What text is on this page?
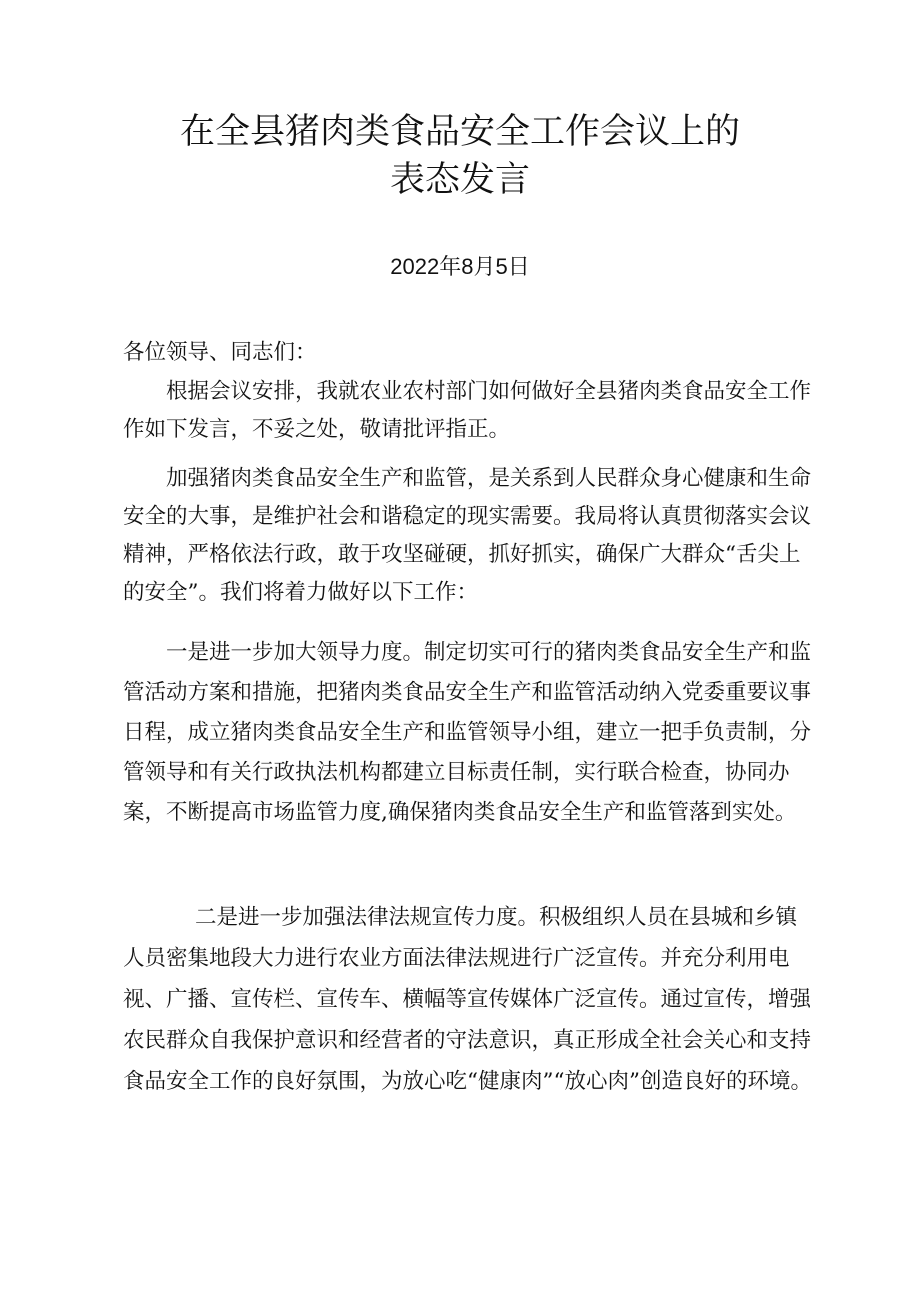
在全县猪肉类食品安全工作会议上的
表态发言
2022年8月5日

各位领导、同志们：

根据会议安排，我就农业农村部门如何做好全县猪肉类食品安全工作作如下发言，不妥之处，敬请批评指正。

加强猪肉类食品安全生产和监管，是关系到人民群众身心健康和生命安全的大事，是维护社会和谐稳定的现实需要。我局将认真贯彻落实会议精神，严格依法行政，敢于攻坚碰硬，抓好抓实，确保广大群众“舌尖上的安全”。我们将着力做好以下工作：

一是进一步加大领导力度。制定切实可行的猪肉类食品安全生产和监管活动方案和措施，把猪肉类食品安全生产和监管活动纳入党委重要议事日程，成立猪肉类食品安全生产和监管领导小组，建立一把手负责制，分管领导和有关行政执法机构都建立目标责任制，实行联合检查，协同办案，不断提高市场监管力度,确保猪肉类食品安全生产和监管落到实处。

二是进一步加强法律法规宣传力度。积极组织人员在县城和乡镇人员密集地段大力进行农业方面法律法规进行广泛宣传。并充分利用电视、广播、宣传栏、宣传车、横幅等宣传媒体广泛宣传。通过宣传，增强农民群众自我保护意识和经营者的守法意识，真正形成全社会关心和支持食品安全工作的良好氛围，为放心吃“健康肉”“放心肉”创造良好的环境。
